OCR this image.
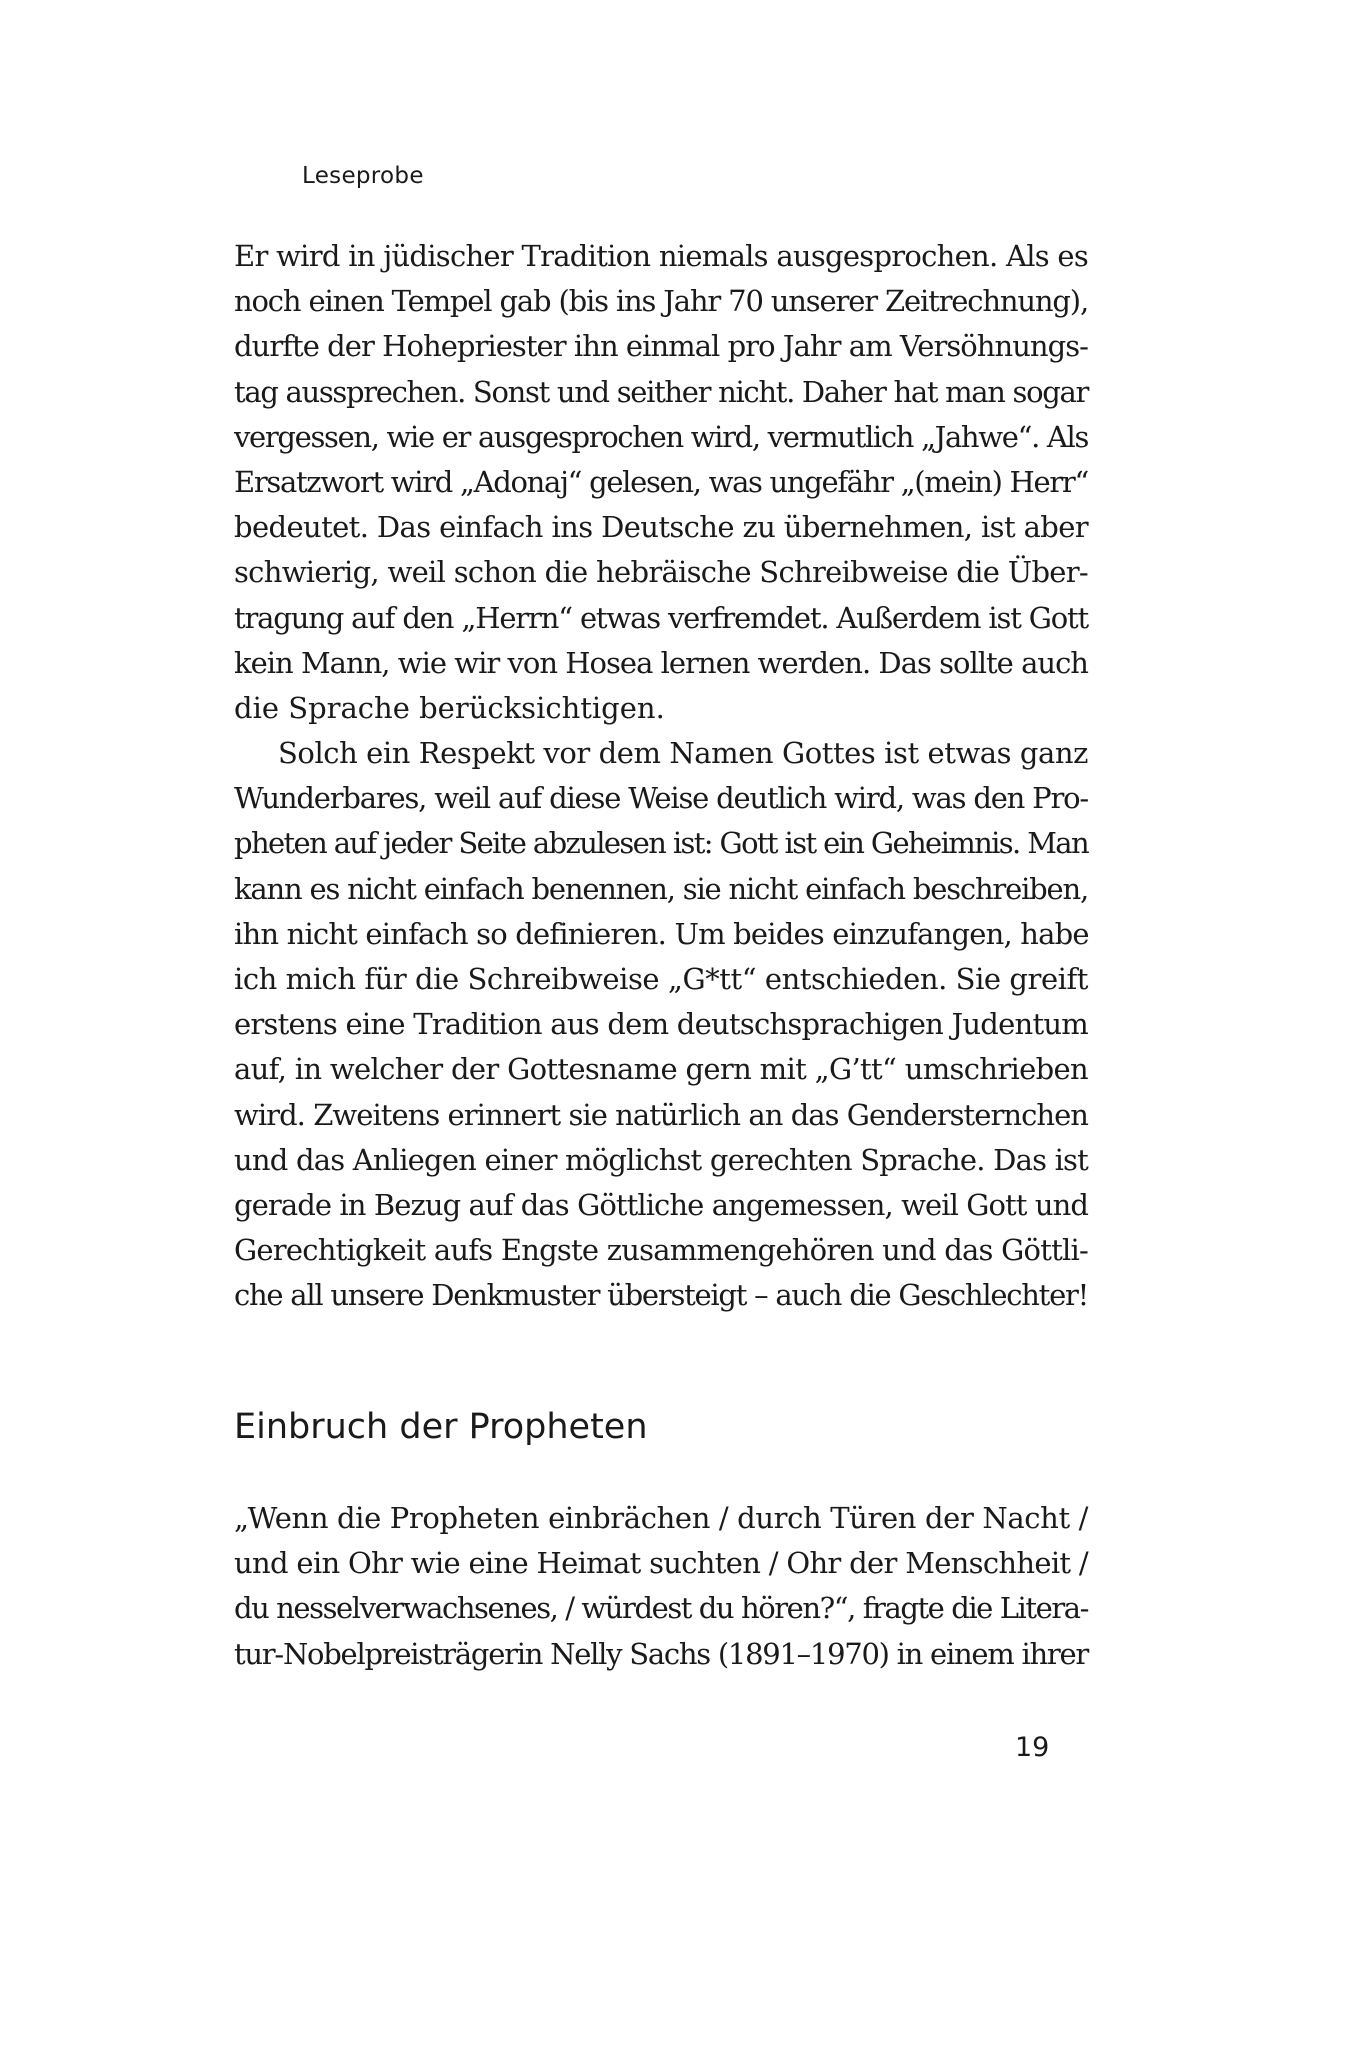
Leseprobe
Er wird in jüdischer Tradition niemals ausgesprochen. Als es
noch einen Tempel gab (bis ins Jahr 70 unserer Zeitrechnung),
durfte der Hohepriester ihn einmal pro Jahr am Versöhnungs-
tag aussprechen. Sonst und seither nicht. Daher hat man sogar
vergessen, wie er ausgesprochen wird, vermutlich „Jahwe“. Als
Ersatzwort wird „Adonaj“ gelesen, was ungefähr „(mein) Herr“
bedeutet. Das einfach ins Deutsche zu übernehmen, ist aber
schwierig, weil schon die hebräische Schreibweise die Über-
tragung auf den „Herrn“ etwas verfremdet. Außerdem ist Gott
kein Mann, wie wir von Hosea lernen werden. Das sollte auch
die Sprache berücksichtigen.
Solch ein Respekt vor dem Namen Gottes ist etwas ganz
Wunderbares, weil auf diese Weise deutlich wird, was den Pro-
pheten auf jeder Seite abzulesen ist: Gott ist ein Geheimnis. Man
kann es nicht einfach benennen, sie nicht einfach beschreiben,
ihn nicht einfach so definieren. Um beides einzufangen, habe
ich mich für die Schreibweise „G*tt“ entschieden. Sie greift
erstens eine Tradition aus dem deutschsprachigen Judentum
auf, in welcher der Gottesname gern mit „G’tt“ umschrieben
wird. Zweitens erinnert sie natürlich an das Gendersternchen
und das Anliegen einer möglichst gerechten Sprache. Das ist
gerade in Bezug auf das Göttliche angemessen, weil Gott und
Gerechtigkeit aufs Engste zusammengehören und das Göttli-
che all unsere Denkmuster übersteigt – auch die Geschlechter!
Einbruch der Propheten
„Wenn die Propheten einbrächen / durch Türen der Nacht /
und ein Ohr wie eine Heimat suchten / Ohr der Menschheit /
du nesselverwachsenes, / würdest du hören?“, fragte die Litera-
tur-Nobelpreisträgerin Nelly Sachs (1891–1970) in einem ihrer
19
